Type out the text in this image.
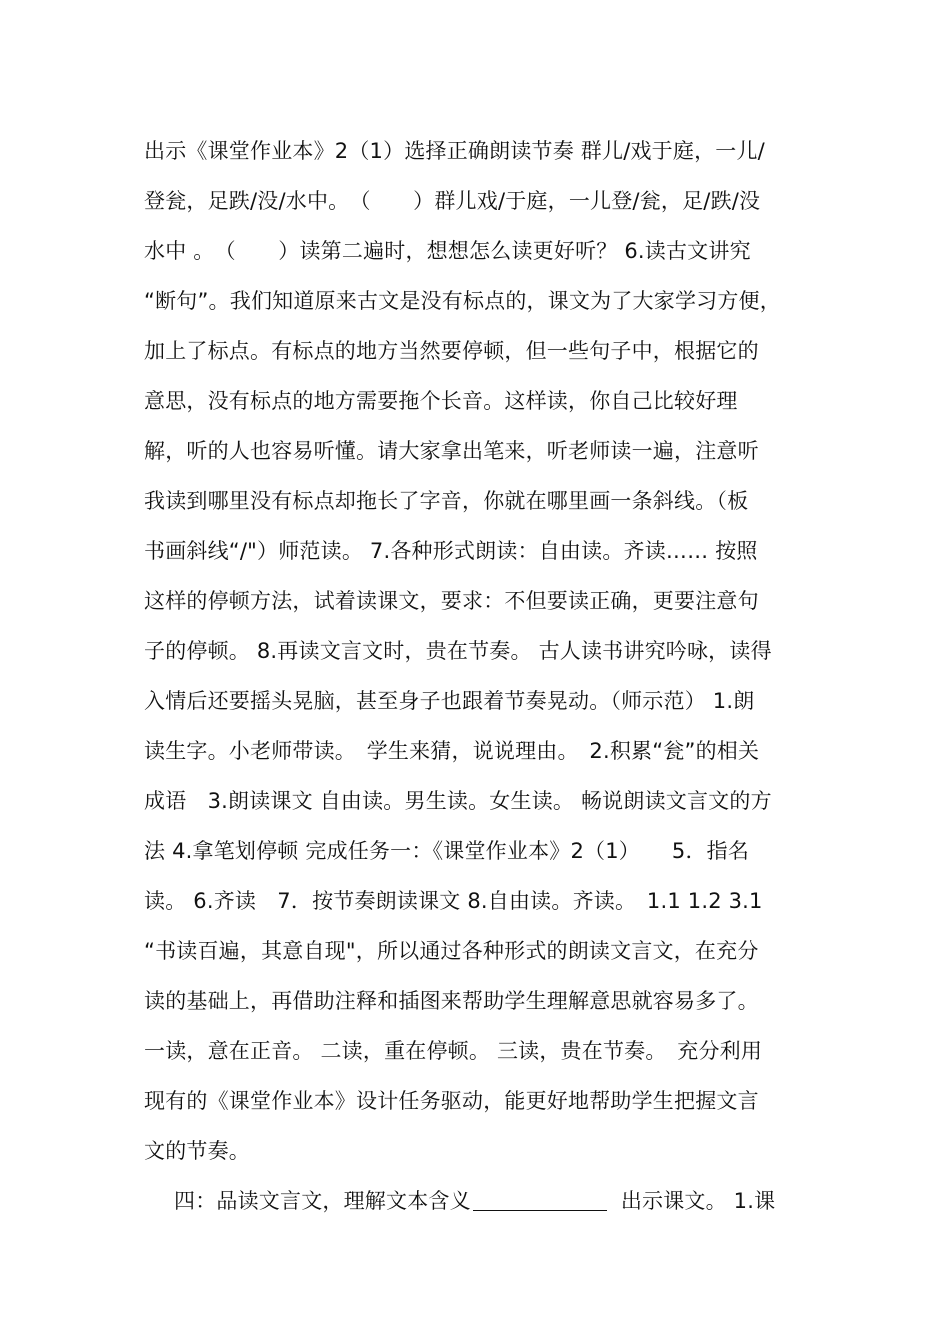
出示《课堂作业本》2（1）选择正确朗读节奏 群儿/戏于庭，一儿/
登瓮，足跌/没/水中。　（　　）群儿戏/于庭，一儿登/瓮，足/跌/没
水中 。　（　　）读第二遍时，想想怎么读更好听？ 6.读古文讲究
“断句”。我们知道原来古文是没有标点的，课文为了大家学习方便，
加上了标点。有标点的地方当然要停顿，但一些句子中，根据它的
意思，没有标点的地方需要拖个长音。这样读，你自己比较好理
解，听的人也容易听懂。请大家拿出笔来，听老师读一遍，注意听
我读到哪里没有标点却拖长了字音，你就在哪里画一条斜线。（板
书画斜线“/"）师范读。 7.各种形式朗读：自由读。齐读…… 按照
这样的停顿方法，试着读课文，要求：不但要读正确，更要注意句
子的停顿。 8.再读文言文时，贵在节奏。 古人读书讲究吟咏，读得
入情后还要摇头晃脑，甚至身子也跟着节奏晃动。（师示范） 1.朗
读生字。小老师带读。　学生来猜，说说理由。　2.积累“瓮”的相关
成语　3.朗读课文 自由读。男生读。女生读。 畅说朗读文言文的方
法 4.拿笔划停顿 完成任务一：《课堂作业本》2（1）　　5．指名
读。 6.齐读　7．按节奏朗读课文 8.自由读。齐读。　1.1 1.2 3.1
“书读百遍，其意自现"，所以通过各种形式的朗读文言文，在充分
读的基础上，再借助注释和插图来帮助学生理解意思就容易多了。
一读，意在正音。 二读，重在停顿。 三读，贵在节奏。　充分利用
现有的《课堂作业本》设计任务驱动，能更好地帮助学生把握文言
文的节奏。
四：品读文言文，理解文本含义	出示课文。 1.课
